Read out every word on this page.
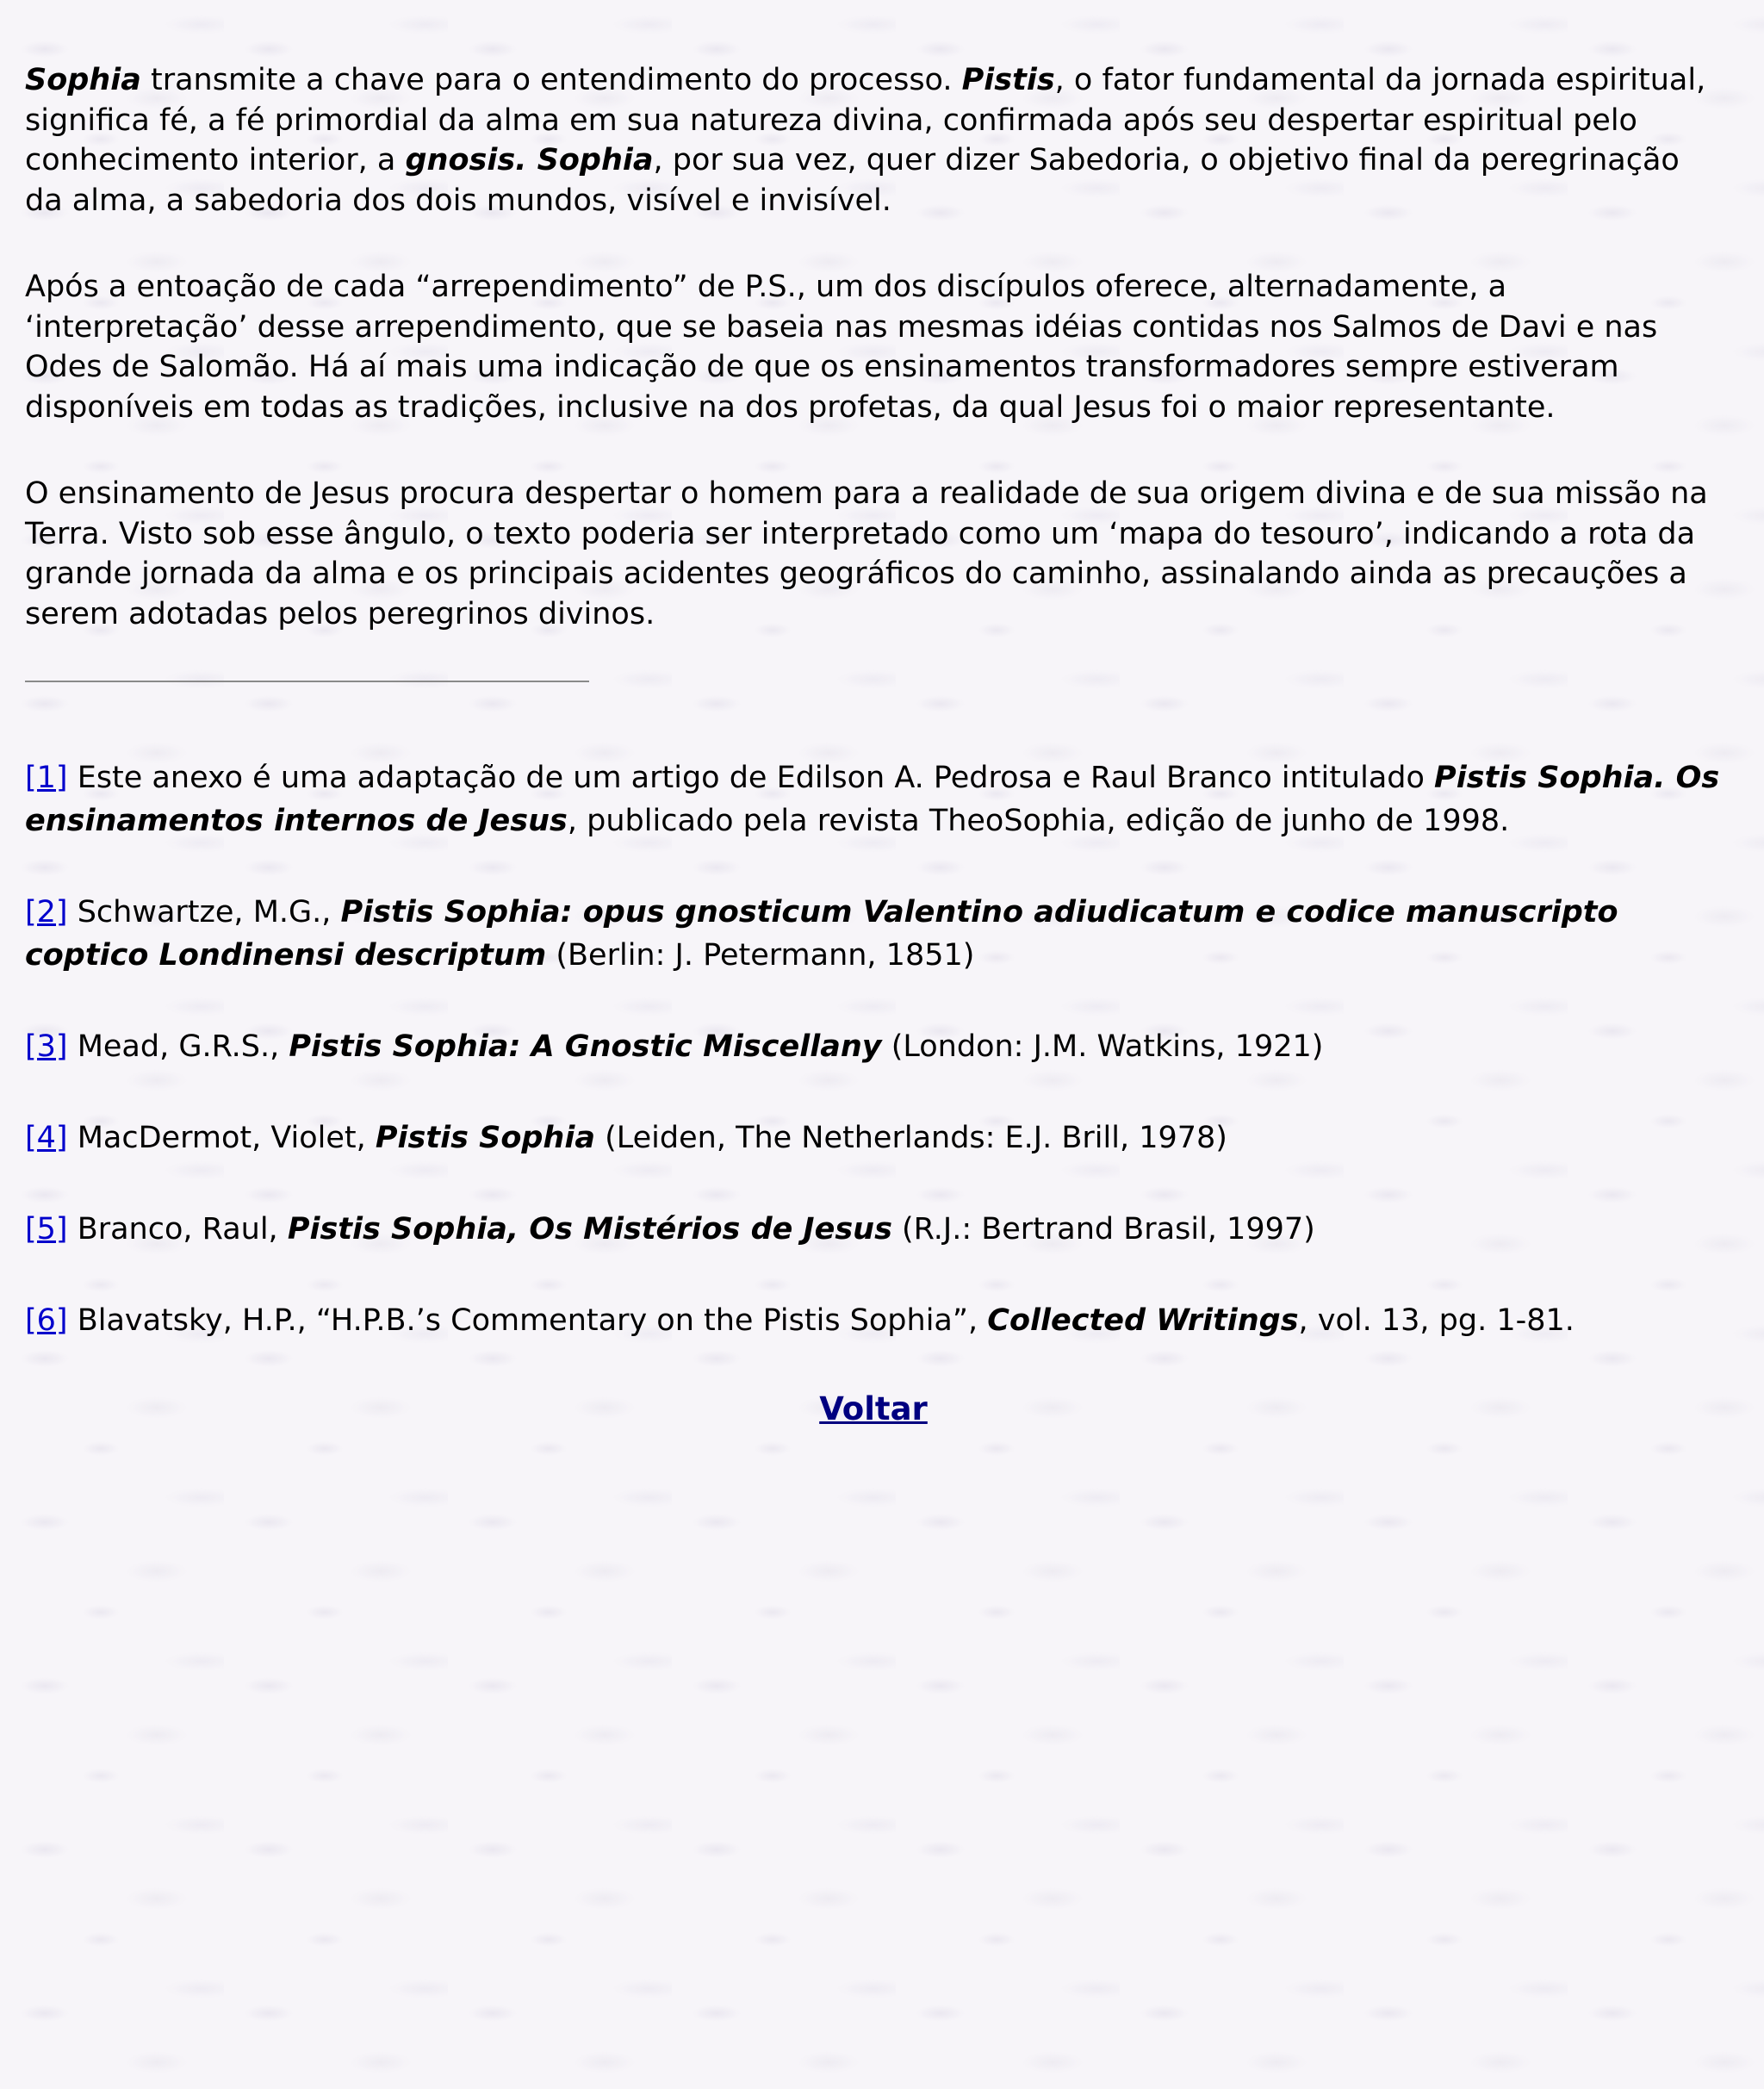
Sophia transmite a chave para o entendimento do processo. Pistis, o fator fundamental da jornada espiritual, significa fé, a fé primordial da alma em sua natureza divina, confirmada após seu despertar espiritual pelo conhecimento interior, a gnosis. Sophia, por sua vez, quer dizer Sabedoria, o objetivo final da peregrinação da alma, a sabedoria dos dois mundos, visível e invisível.

Após a entoação de cada “arrependimento” de P.S., um dos discípulos oferece, alternadamente, a ‘interpretação’ desse arrependimento, que se baseia nas mesmas idéias contidas nos Salmos de Davi e nas Odes de Salomão. Há aí mais uma indicação de que os ensinamentos transformadores sempre estiveram disponíveis em todas as tradições, inclusive na dos profetas, da qual Jesus foi o maior representante.

O ensinamento de Jesus procura despertar o homem para a realidade de sua origem divina e de sua missão na Terra. Visto sob esse ângulo, o texto poderia ser interpretado como um ‘mapa do tesouro’, indicando a rota da grande jornada da alma e os principais acidentes geográficos do caminho, assinalando ainda as precauções a serem adotadas pelos peregrinos divinos.

[1] Este anexo é uma adaptação de um artigo de Edilson A. Pedrosa e Raul Branco intitulado Pistis Sophia. Os ensinamentos internos de Jesus, publicado pela revista TheoSophia, edição de junho de 1998.

[2] Schwartze, M.G., Pistis Sophia: opus gnosticum Valentino adiudicatum e codice manuscripto coptico Londinensi descriptum (Berlin: J. Petermann, 1851)

[3] Mead, G.R.S., Pistis Sophia: A Gnostic Miscellany (London: J.M. Watkins, 1921)

[4] MacDermot, Violet, Pistis Sophia (Leiden, The Netherlands: E.J. Brill, 1978)

[5] Branco, Raul, Pistis Sophia, Os Mistérios de Jesus (R.J.: Bertrand Brasil, 1997)

[6] Blavatsky, H.P., “H.P.B.’s Commentary on the Pistis Sophia”, Collected Writings, vol. 13, pg. 1-81.

Voltar
